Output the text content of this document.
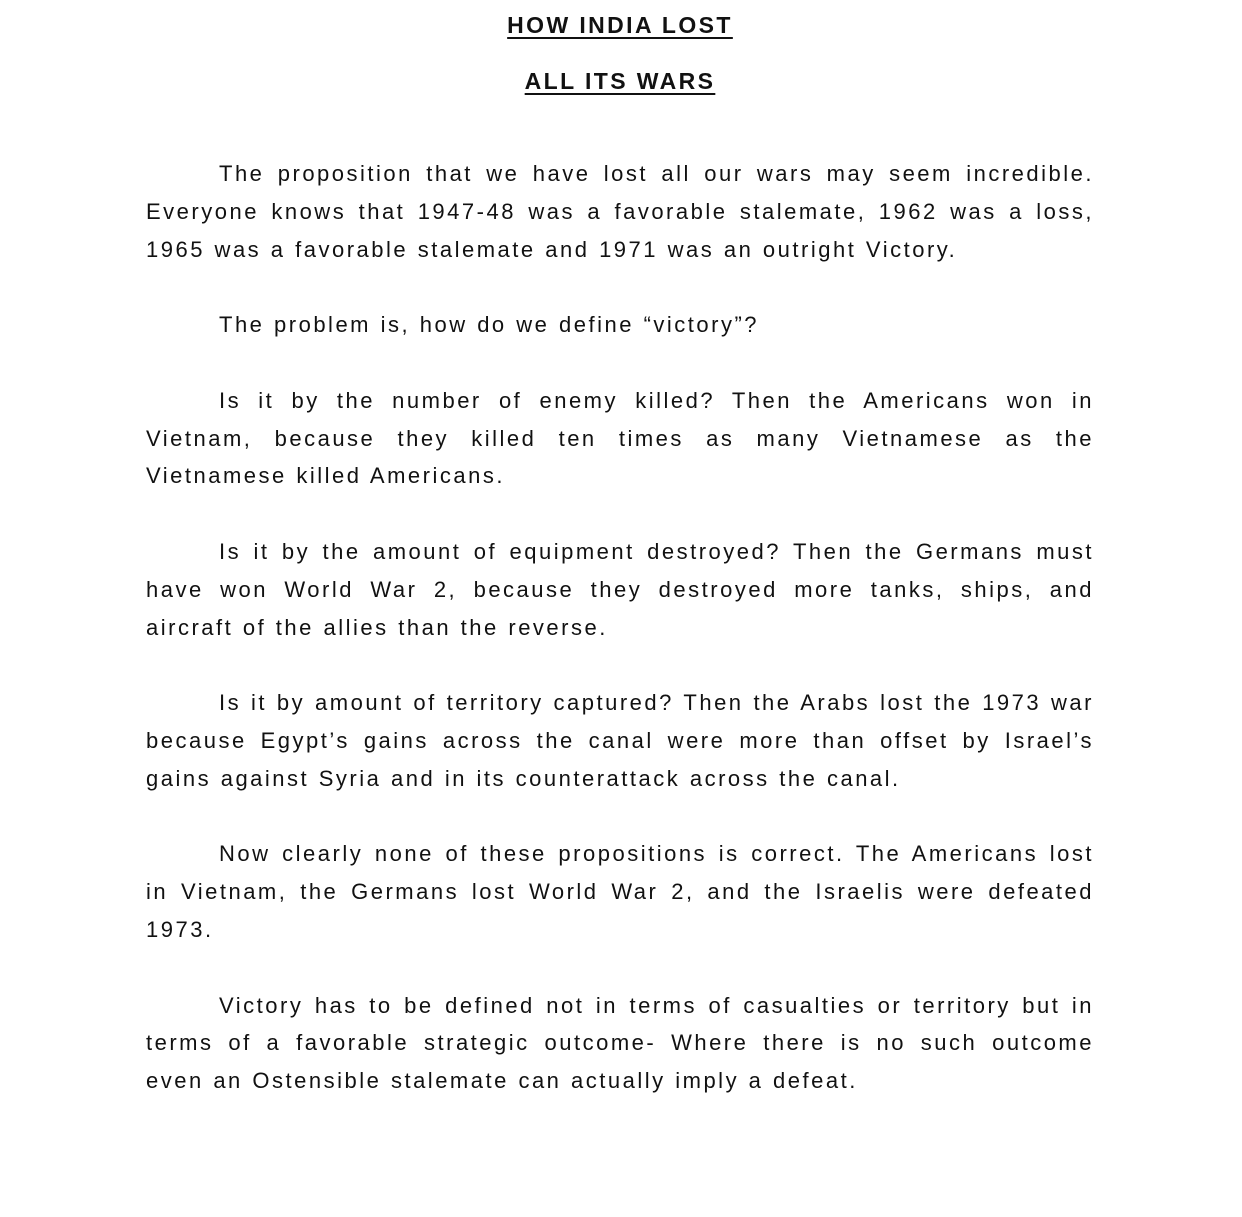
HOW INDIA LOST
ALL ITS WARS

The proposition that we have lost all our wars may seem incredible. Everyone knows that 1947-48 was a favorable stalemate, 1962 was a loss, 1965 was a favorable stalemate and 1971 was an outright Victory.

The problem is, how do we define “victory”?

Is it by the number of enemy killed? Then the Americans won in Vietnam, because they killed ten times as many Vietnamese as the Vietnamese killed Americans.

Is it by the amount of equipment destroyed? Then the Germans must have won World War 2, because they destroyed more tanks, ships, and aircraft of the allies than the reverse.

Is it by amount of territory captured? Then the Arabs lost the 1973 war because Egypt’s gains across the canal were more than offset by Israel’s gains against Syria and in its counterattack across the canal.

Now clearly none of these propositions is correct. The Americans lost in Vietnam, the Germans lost World War 2, and the Israelis were defeated 1973.

Victory has to be defined not in terms of casualties or territory but in terms of a favorable strategic outcome- Where there is no such outcome even an Ostensible stalemate can actually imply a defeat.
